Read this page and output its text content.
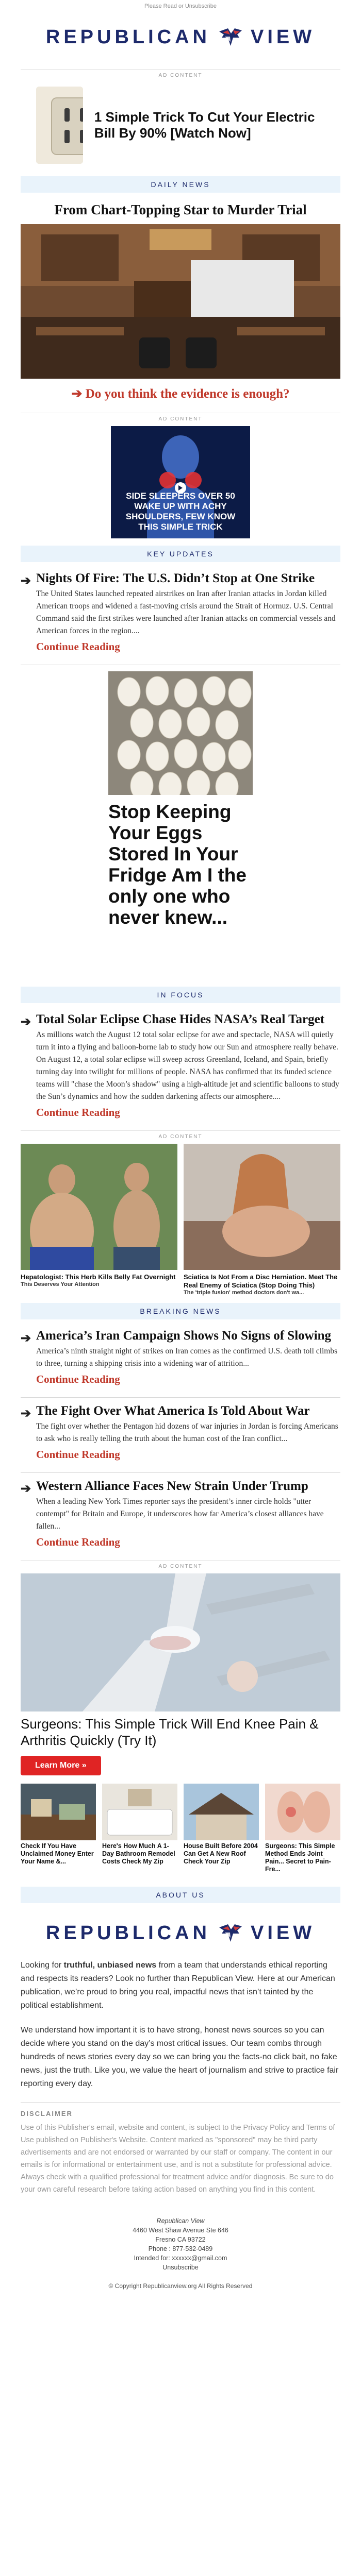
Please Read or Unsubscribe
REPUBLICAN VIEW
AD CONTENT
1 Simple Trick To Cut Your Electric Bill By 90% [Watch Now]
DAILY NEWS
From Chart-Topping Star to Murder Trial
➔ Do you think the evidence is enough?
AD CONTENT
SIDE SLEEPERS OVER 50 WAKE UP WITH ACHY SHOULDERS, FEW KNOW THIS SIMPLE TRICK
KEY UPDATES
➔ Nights Of Fire: The U.S. Didn’t Stop at One Strike
The United States launched repeated airstrikes on Iran after Iranian attacks in Jordan killed American troops and widened a fast-moving crisis around the Strait of Hormuz. U.S. Central Command said the first strikes were launched after Iranian attacks on commercial vessels and American forces in the region....
Continue Reading
Stop Keeping Your Eggs Stored In Your Fridge Am I the only one who never knew...
IN FOCUS
➔ Total Solar Eclipse Chase Hides NASA’s Real Target
As millions watch the August 12 total solar eclipse for awe and spectacle, NASA will quietly turn it into a flying and balloon-borne lab to study how our Sun and atmosphere really behave. On August 12, a total solar eclipse will sweep across Greenland, Iceland, and Spain, briefly turning day into twilight for millions of people. NASA has confirmed that its funded science teams will "chase the Moon’s shadow" using a high-altitude jet and scientific balloons to study the Sun’s dynamics and how the sudden darkening affects our atmosphere....
Continue Reading
AD CONTENT
Hepatologist: This Herb Kills Belly Fat Overnight
This Deserves Your Attention
Sciatica Is Not From a Disc Herniation. Meet The Real Enemy of Sciatica (Stop Doing This)
The 'triple fusion' method doctors don't wa...
BREAKING NEWS
➔ America’s Iran Campaign Shows No Signs of Slowing
America’s ninth straight night of strikes on Iran comes as the confirmed U.S. death toll climbs to three, turning a shipping crisis into a widening war of attrition...
Continue Reading
➔ The Fight Over What America Is Told About War
The fight over whether the Pentagon hid dozens of war injuries in Jordan is forcing Americans to ask who is really telling the truth about the human cost of the Iran conflict...
Continue Reading
➔ Western Alliance Faces New Strain Under Trump
When a leading New York Times reporter says the president’s inner circle holds "utter contempt" for Britain and Europe, it underscores how far America’s closest alliances have fallen...
Continue Reading
AD CONTENT
Surgeons: This Simple Trick Will End Knee Pain & Arthritis Quickly (Try It)
Learn More »
Check If You Have Unclaimed Money Enter Your Name &...
Here's How Much A 1-Day Bathroom Remodel Costs Check My Zip
House Built Before 2004 Can Get A New Roof Check Your Zip
Surgeons: This Simple Method Ends Joint Pain... Secret to Pain-Fre...
ABOUT US
REPUBLICAN VIEW

Looking for truthful, unbiased news from a team that understands ethical reporting and respects its readers? Look no further than Republican View. Here at our American publication, we’re proud to bring you real, impactful news that isn’t tainted by the political establishment.

We understand how important it is to have strong, honest news sources so you can decide where you stand on the day’s most critical issues. Our team combs through hundreds of news stories every day so we can bring you the facts-no click bait, no fake news, just the truth. Like you, we value the heart of journalism and strive to practice fair reporting every day.

DISCLAIMER
Use of this Publisher's email, website and content, is subject to the Privacy Policy and Terms of Use published on Publisher's Website. Content marked as "sponsored" may be third party advertisements and are not endorsed or warranted by our staff or company. The content in our emails is for informational or entertainment use, and is not a substitute for professional advice. Always check with a qualified professional for treatment advice and/or diagnosis. Be sure to do your own careful research before taking action based on anything you find in this content.
Republican View
4460 West Shaw Avenue Ste 646
Fresno CA 93722
Phone : 877-532-0489
Intended for: xxxxxx@gmail.com
Unsubscribe
© Copyright Republicanview.org All Rights Reserved
